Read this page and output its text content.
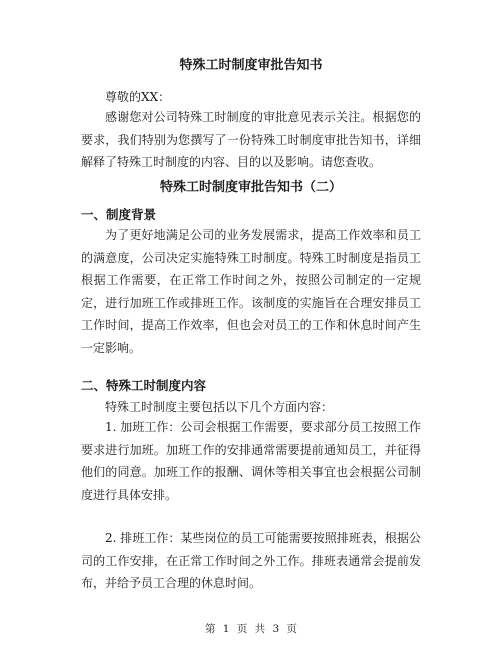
特殊工时制度审批告知书
尊敬的XX：
感谢您对公司特殊工时制度的审批意见表示关注。根据您的要求，我们特别为您撰写了一份特殊工时制度审批告知书，详细解释了特殊工时制度的内容、目的以及影响。请您查收。
特殊工时制度审批告知书（二）
一、制度背景
为了更好地满足公司的业务发展需求，提高工作效率和员工的满意度，公司决定实施特殊工时制度。特殊工时制度是指员工根据工作需要，在正常工作时间之外，按照公司制定的一定规定，进行加班工作或排班工作。该制度的实施旨在合理安排员工工作时间，提高工作效率，但也会对员工的工作和休息时间产生一定影响。
二、特殊工时制度内容
特殊工时制度主要包括以下几个方面内容：
1. 加班工作：公司会根据工作需要，要求部分员工按照工作要求进行加班。加班工作的安排通常需要提前通知员工，并征得他们的同意。加班工作的报酬、调休等相关事宜也会根据公司制度进行具体安排。
2. 排班工作：某些岗位的员工可能需要按照排班表，根据公司的工作安排，在正常工作时间之外工作。排班表通常会提前发布，并给予员工合理的休息时间。
第 1 页 共 3 页
